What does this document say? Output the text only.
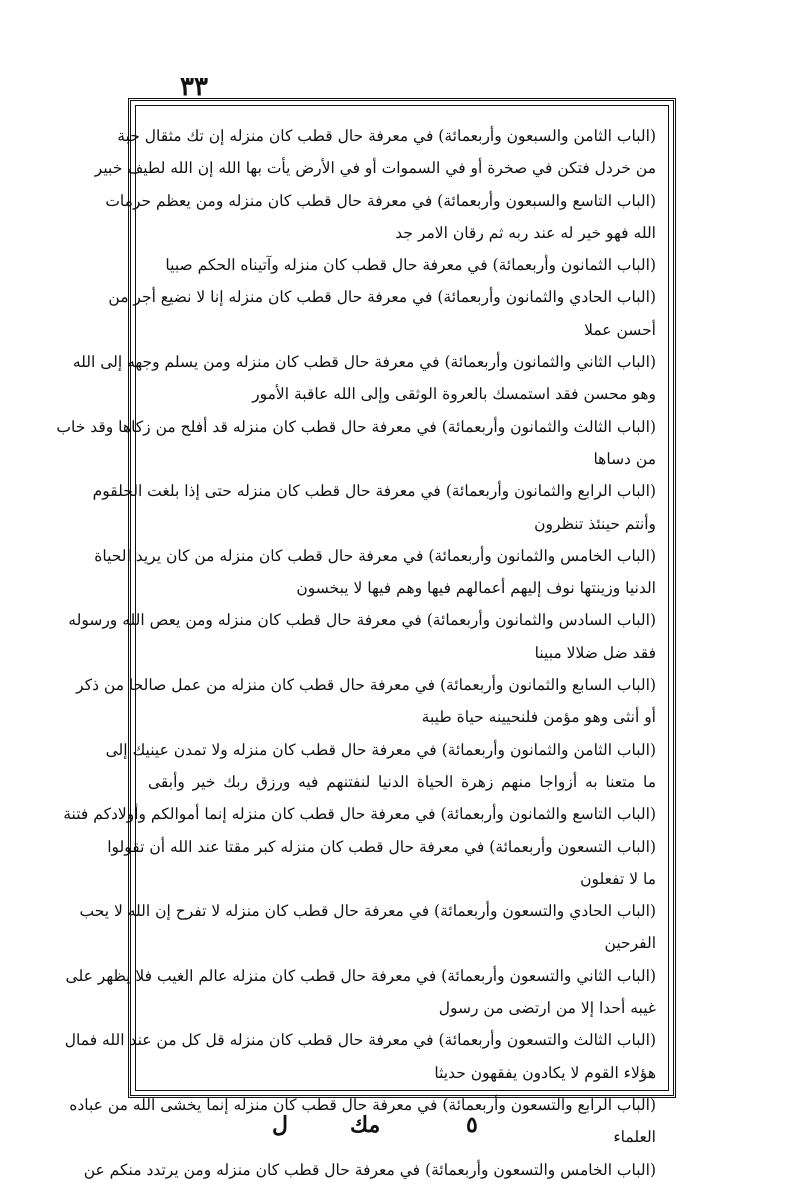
٣٣
(الباب الثامن والسبعون وأربعمائة) في معرفة حال قطب كان منزله إن تك مثقال حبة
من خردل فتكن في صخرة أو في السموات أو في الأرض يأت بها الله إن الله لطيف خبير
(الباب التاسع والسبعون وأربعمائة) في معرفة حال قطب كان منزله ومن يعظم حرمات
الله فهو خير له عند ربه ثم رقان الامر جد
(الباب الثمانون وأربعمائة) في معرفة حال قطب كان منزله وآتيناه الحكم صبيا
(الباب الحادي والثمانون وأربعمائة) في معرفة حال قطب كان منزله إنا لا نضيع أجر من
أحسن عملا
(الباب الثاني والثمانون وأربعمائة) في معرفة حال قطب كان منزله ومن يسلم وجهه إلى الله
وهو محسن فقد استمسك بالعروة الوثقى وإلى الله عاقبة الأمور
(الباب الثالث والثمانون وأربعمائة) في معرفة حال قطب كان منزله قد أفلح من زكاها وقد خاب
من دساها
(الباب الرابع والثمانون وأربعمائة) في معرفة حال قطب كان منزله حتى إذا بلغت الحلقوم
وأنتم حينئذ تنظرون
(الباب الخامس والثمانون وأربعمائة) في معرفة حال قطب كان منزله من كان يريد الحياة
الدنيا وزينتها نوف إليهم أعمالهم فيها وهم فيها لا يبخسون
(الباب السادس والثمانون وأربعمائة) في معرفة حال قطب كان منزله ومن يعص الله ورسوله
فقد ضل ضلالا مبينا
(الباب السابع والثمانون وأربعمائة) في معرفة حال قطب كان منزله من عمل صالحا من ذكر
أو أنثى وهو مؤمن فلنحيينه حياة طيبة
(الباب الثامن والثمانون وأربعمائة) في معرفة حال قطب كان منزله ولا تمدن عينيك إلى
ما متعنا به أزواجا منهم زهرة الحياة الدنيا لنفتنهم فيه ورزق ربك خير وأبقى
(الباب التاسع والثمانون وأربعمائة) في معرفة حال قطب كان منزله إنما أموالكم وأولادكم فتنة
(الباب التسعون وأربعمائة) في معرفة حال قطب كان منزله كبر مقتا عند الله أن تقولوا
ما لا تفعلون
(الباب الحادي والتسعون وأربعمائة) في معرفة حال قطب كان منزله لا تفرح إن الله لا يحب
الفرحين
(الباب الثاني والتسعون وأربعمائة) في معرفة حال قطب كان منزله عالم الغيب فلا يظهر على
غيبه أحدا إلا من ارتضى من رسول
(الباب الثالث والتسعون وأربعمائة) في معرفة حال قطب كان منزله قل كل من عند الله فمال
هؤلاء القوم لا يكادون يفقهون حديثا
(الباب الرابع والتسعون وأربعمائة) في معرفة حال قطب كان منزله إنما يخشى الله من عباده
العلماء
(الباب الخامس والتسعون وأربعمائة) في معرفة حال قطب كان منزله ومن يرتدد منكم عن
ل	مك	٥
